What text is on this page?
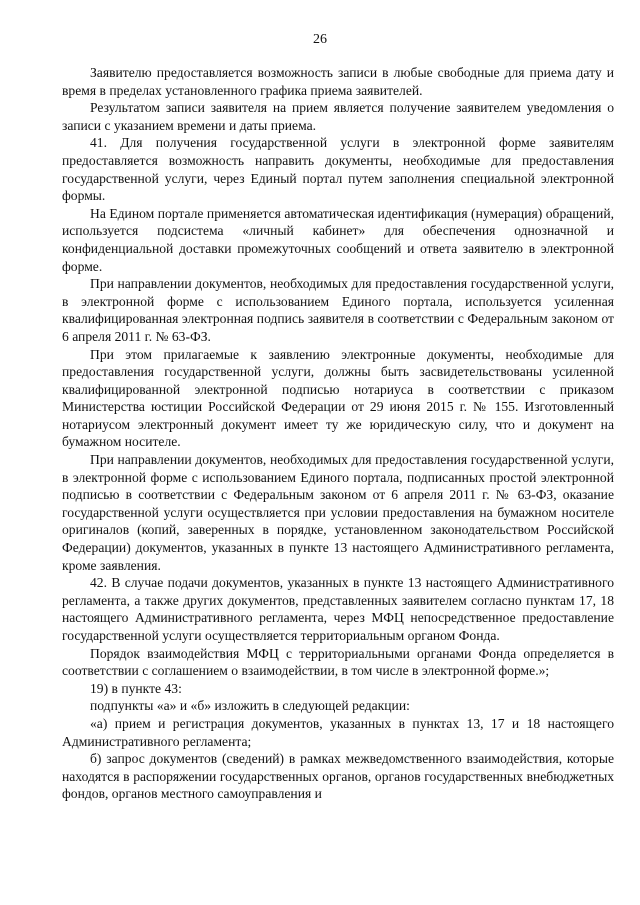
26

Заявителю предоставляется возможность записи в любые свободные для приема дату и время в пределах установленного графика приема заявителей.

Результатом записи заявителя на прием является получение заявителем уведомления о записи с указанием времени и даты приема.

41. Для получения государственной услуги в электронной форме заявителям предоставляется возможность направить документы, необходимые для предоставления государственной услуги, через Единый портал путем заполнения специальной электронной формы.

На Едином портале применяется автоматическая идентификация (нумерация) обращений, используется подсистема «личный кабинет» для обеспечения однозначной и конфиденциальной доставки промежуточных сообщений и ответа заявителю в электронной форме.

При направлении документов, необходимых для предоставления государственной услуги, в электронной форме с использованием Единого портала, используется усиленная квалифицированная электронная подпись заявителя в соответствии с Федеральным законом от 6 апреля 2011 г. № 63-ФЗ.

При этом прилагаемые к заявлению электронные документы, необходимые для предоставления государственной услуги, должны быть засвидетельствованы усиленной квалифицированной электронной подписью нотариуса в соответствии с приказом Министерства юстиции Российской Федерации от 29 июня 2015 г. № 155. Изготовленный нотариусом электронный документ имеет ту же юридическую силу, что и документ на бумажном носителе.

При направлении документов, необходимых для предоставления государственной услуги, в электронной форме с использованием Единого портала, подписанных простой электронной подписью в соответствии с Федеральным законом от 6 апреля 2011 г. № 63-ФЗ, оказание государственной услуги осуществляется при условии предоставления на бумажном носителе оригиналов (копий, заверенных в порядке, установленном законодательством Российской Федерации) документов, указанных в пункте 13 настоящего Административного регламента, кроме заявления.

42. В случае подачи документов, указанных в пункте 13 настоящего Административного регламента, а также других документов, представленных заявителем согласно пунктам 17, 18 настоящего Административного регламента, через МФЦ непосредственное предоставление государственной услуги осуществляется территориальным органом Фонда.

Порядок взаимодействия МФЦ с территориальными органами Фонда определяется в соответствии с соглашением о взаимодействии, в том числе в электронной форме.»;

19) в пункте 43:

подпункты «а» и «б» изложить в следующей редакции:

«а) прием и регистрация документов, указанных в пунктах 13, 17 и 18 настоящего Административного регламента;

б) запрос документов (сведений) в рамках межведомственного взаимодействия, которые находятся в распоряжении государственных органов, органов государственных внебюджетных фондов, органов местного самоуправления и
